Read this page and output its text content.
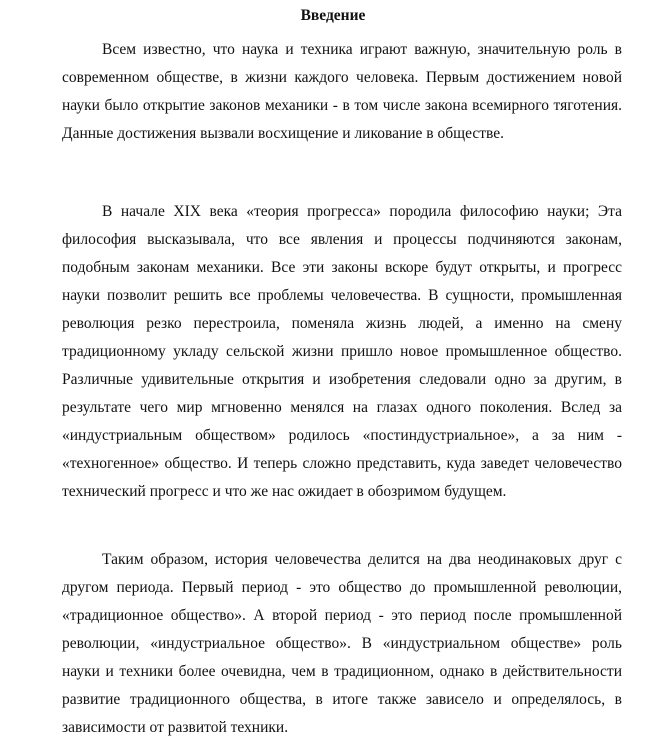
Введение

Всем известно, что наука и техника играют важную, значительную роль в современном обществе, в жизни каждого человека. Первым достижением новой науки было открытие законов механики - в том числе закона всемирного тяготения. Данные достижения вызвали восхищение и ликование в обществе.

В начале XIX века «теория прогресса» породила философию науки; Эта философия высказывала, что все явления и процессы подчиняются законам, подобным законам механики. Все эти законы вскоре будут открыты, и прогресс науки позволит решить все проблемы человечества. В сущности, промышленная революция резко перестроила, поменяла жизнь людей, а именно на смену традиционному укладу сельской жизни пришло новое промышленное общество. Различные удивительные открытия и изобретения следовали одно за другим, в результате чего мир мгновенно менялся на глазах одного поколения. Вслед за «индустриальным обществом» родилось «постиндустриальное», а за ним - «техногенное» общество. И теперь сложно представить, куда заведет человечество технический прогресс и что же нас ожидает в обозримом будущем.

Таким образом, история человечества делится на два неодинаковых друг с другом периода. Первый период - это общество до промышленной революции, «традиционное общество». А второй период - это период после промышленной революции, «индустриальное общество». В «индустриальном обществе» роль науки и техники более очевидна, чем в традиционном, однако в действительности развитие традиционного общества, в итоге также зависело и определялось, в зависимости от развитой техники.
